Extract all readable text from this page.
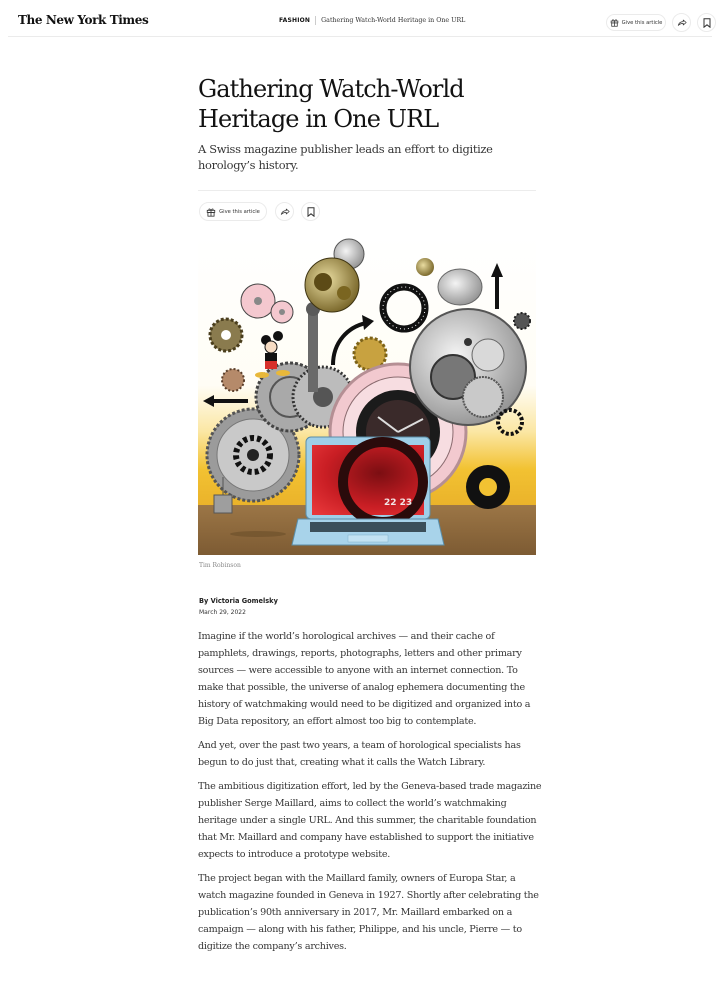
The New York Times	FASHION Gathering Watch-World Heritage in One URL	Give this article
Gathering Watch-World
Heritage in One URL

A Swiss magazine publisher leads an effort to digitize horology’s history.

Give this article
22 23
Tim Robinson
By Victoria Gomelsky
March 29, 2022

Imagine if the world’s horological archives — and their cache of pamphlets, drawings, reports, photographs, letters and other primary sources — were accessible to anyone with an internet connection. To make that possible, the universe of analog ephemera documenting the history of watchmaking would need to be digitized and organized into a Big Data repository, an effort almost too big to contemplate.

And yet, over the past two years, a team of horological specialists has begun to do just that, creating what it calls the Watch Library.

The ambitious digitization effort, led by the Geneva-based trade magazine publisher Serge Maillard, aims to collect the world’s watchmaking heritage under a single URL. And this summer, the charitable foundation that Mr. Maillard and company have established to support the initiative expects to introduce a prototype website.

The project began with the Maillard family, owners of Europa Star, a watch magazine founded in Geneva in 1927. Shortly after celebrating the publication’s 90th anniversary in 2017, Mr. Maillard embarked on a campaign — along with his father, Philippe, and his uncle, Pierre — to digitize the company’s archives.
